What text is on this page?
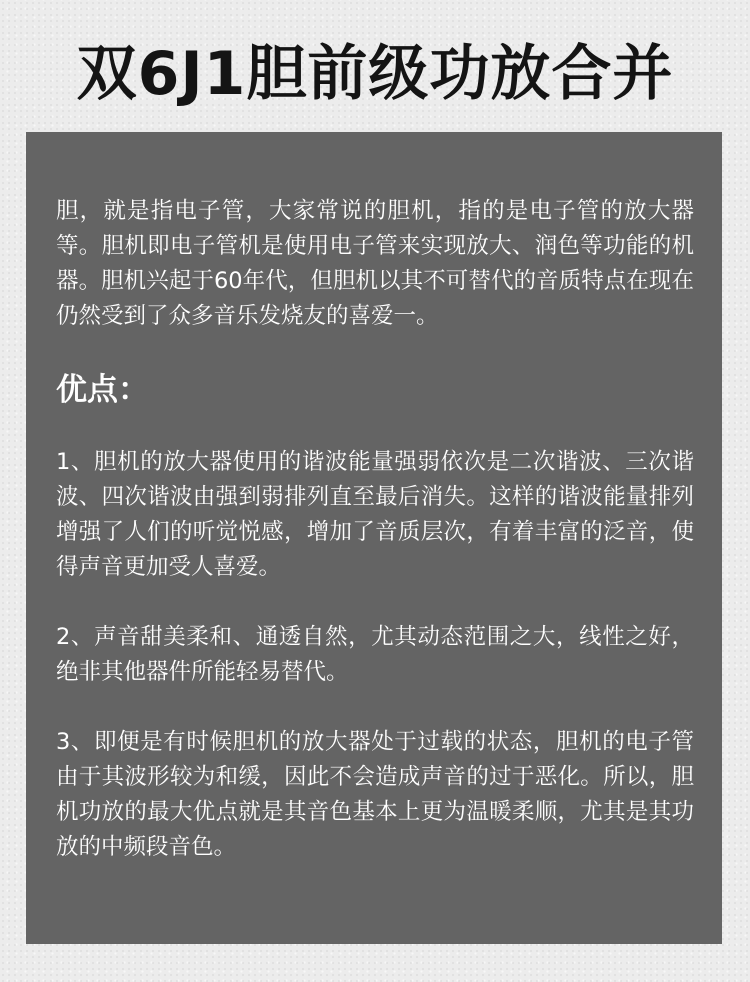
双6J1胆前级功放合并

胆，就是指电子管，大家常说的胆机，指的是电子管的放大器等。胆机即电子管机是使用电子管来实现放大、润色等功能的机器。胆机兴起于60年代，但胆机以其不可替代的音质特点在现在仍然受到了众多音乐发烧友的喜爱一。

优点：

1、胆机的放大器使用的谐波能量强弱依次是二次谐波、三次谐波、四次谐波由强到弱排列直至最后消失。这样的谐波能量排列增强了人们的听觉悦感，增加了音质层次，有着丰富的泛音，使得声音更加受人喜爱。

2、声音甜美柔和、通透自然，尤其动态范围之大，线性之好，绝非其他器件所能轻易替代。

3、即便是有时候胆机的放大器处于过载的状态，胆机的电子管由于其波形较为和缓，因此不会造成声音的过于恶化。所以，胆机功放的最大优点就是其音色基本上更为温暖柔顺，尤其是其功放的中频段音色。
